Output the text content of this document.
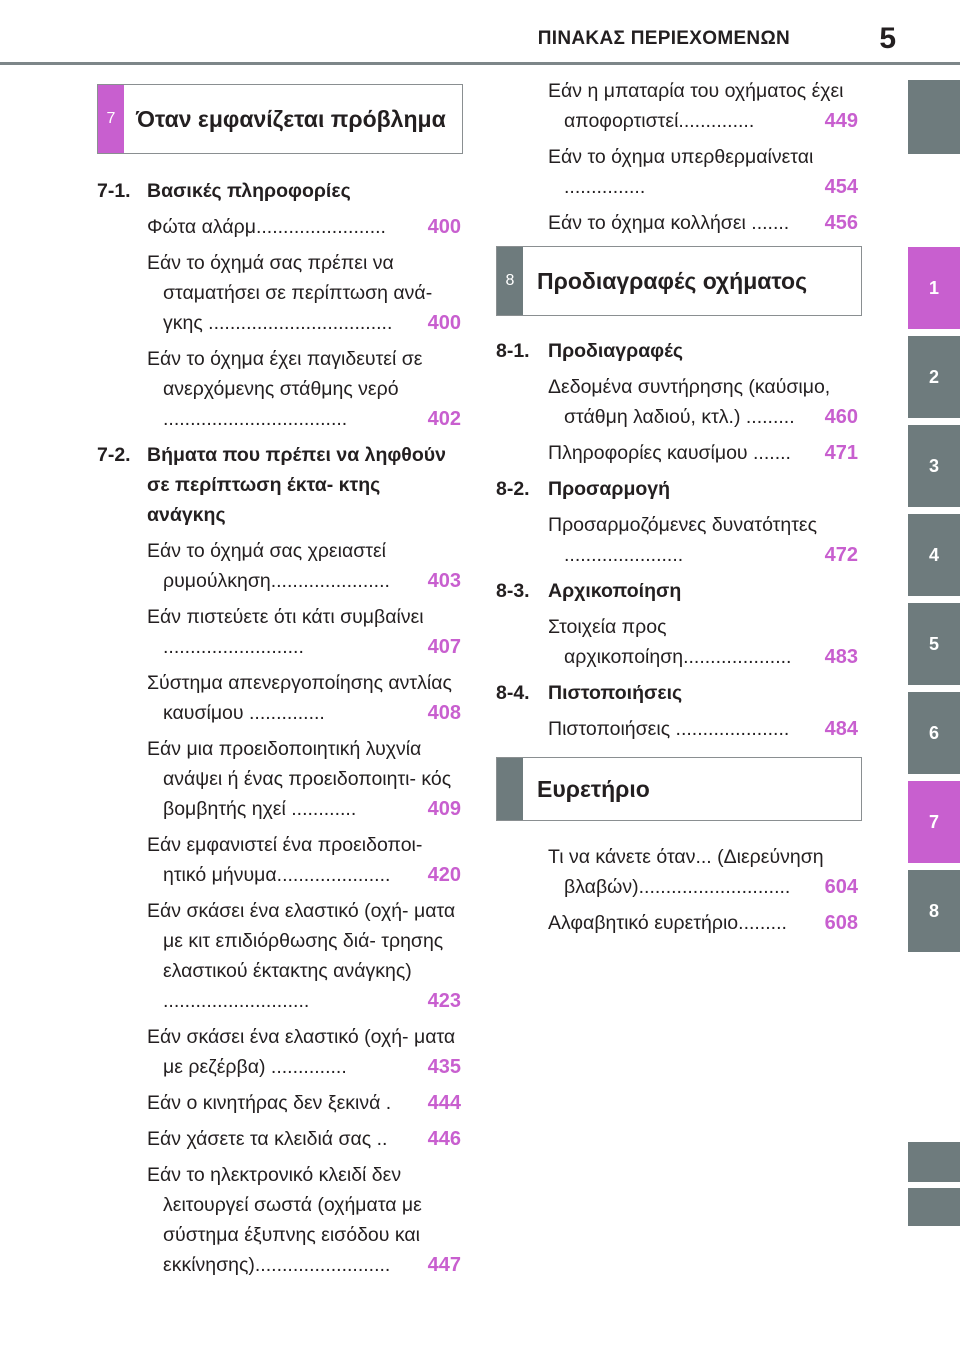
ΠΙΝΑΚΑΣ ΠΕΡΙΕΧΟΜΕΝΩΝ	5
1
2
3
4
5
6
7
8
7 Όταν εμφανίζεται πρόβλημα
7-1. Βασικές πληροφορίες
Φώτα αλάρμ........................	400
Εάν το όχημά σας πρέπει να σταματήσει σε περίπτωση ανά- γκης ..................................	400
Εάν το όχημα έχει παγιδευτεί σε ανερχόμενης στάθμης νερό ..................................	402
7-2. Βήματα που πρέπει να ληφθούν σε περίπτωση έκτα- κτης ανάγκης
Εάν το όχημά σας χρειαστεί ρυμούλκηση......................	403
Εάν πιστεύετε ότι κάτι συμβαίνει ..........................	407
Σύστημα απενεργοποίησης αντλίας καυσίμου ..............	408
Εάν μια προειδοποιητική λυχνία ανάψει ή ένας προειδοποιητι- κός βομβητής ηχεί ............	409
Εάν εμφανιστεί ένα προειδοποι- ητικό μήνυμα.....................	420
Εάν σκάσει ένα ελαστικό (οχή- ματα με κιτ επιδιόρθωσης διά- τρησης ελαστικού έκτακτης ανάγκης) ...........................	423
Εάν σκάσει ένα ελαστικό (οχή- ματα με ρεζέρβα) ..............	435
Εάν ο κινητήρας δεν ξεκινά .	444
Εάν χάσετε τα κλειδιά σας ..	446
Εάν το ηλεκτρονικό κλειδί δεν λειτουργεί σωστά (οχήματα με σύστημα έξυπνης εισόδου και εκκίνησης).........................	447
Εάν η μπαταρία του οχήματος έχει αποφορτιστεί..............	449
Εάν το όχημα υπερθερμαίνεται ...............	454
Εάν το όχημα κολλήσει .......	456
8 Προδιαγραφές οχήματος
8-1. Προδιαγραφές
Δεδομένα συντήρησης (καύσιμο, στάθμη λαδιού, κτλ.) .........	460
Πληροφορίες καυσίμου .......	471
8-2. Προσαρμογή
Προσαρμοζόμενες δυνατότητες ......................	472
8-3. Αρχικοποίηση
Στοιχεία προς αρχικοποίηση....................	483
8-4. Πιστοποιήσεις
Πιστοποιήσεις .....................	484
Ευρετήριο
Τι να κάνετε όταν... (Διερεύνηση βλαβών)............................	604
Αλφαβητικό ευρετήριο.........	608
